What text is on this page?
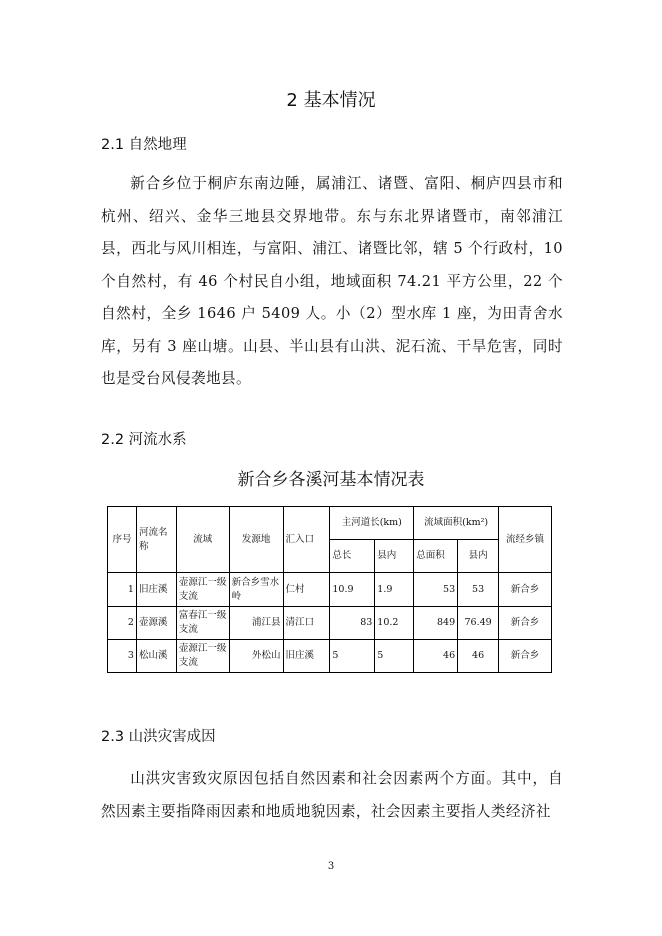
2 基本情况
2.1 自然地理

新合乡位于桐庐东南边陲，属浦江、诸暨、富阳、桐庐四县市和杭州、绍兴、金华三地县交界地带。东与东北界诸暨市，南邻浦江县，西北与风川相连，与富阳、浦江、诸暨比邻，辖 5 个行政村，10 个自然村，有 46 个村民自小组，地域面积 74.21 平方公里，22 个自然村，全乡 1646 户 5409 人。小（2）型水库 1 座，为田青舍水库，另有 3 座山塘。山县、半山县有山洪、泥石流、干旱危害，同时也是受台风侵袭地县。

2.2 河流水系
新合乡各溪河基本情况表
序号	河流名称	流域	发源地	汇入口	主河道长(km)		流域面积(km²)		流经乡镇
					总长	县内	总面积	县内	
1	旧庄溪	壶源江一级支流	新合乡雪水岭	仁村	10.9	1.9	53	53	新合乡
2	壶源溪	富春江一级支流	浦江县	清江口	83	10.2	849	76.49	新合乡
3	松山溪	壶源江一级支流	外松山	旧庄溪	5	5	46	46	新合乡
2.3 山洪灾害成因

山洪灾害致灾原因包括自然因素和社会因素两个方面。其中，自然因素主要指降雨因素和地质地貌因素，社会因素主要指人类经济社

3
